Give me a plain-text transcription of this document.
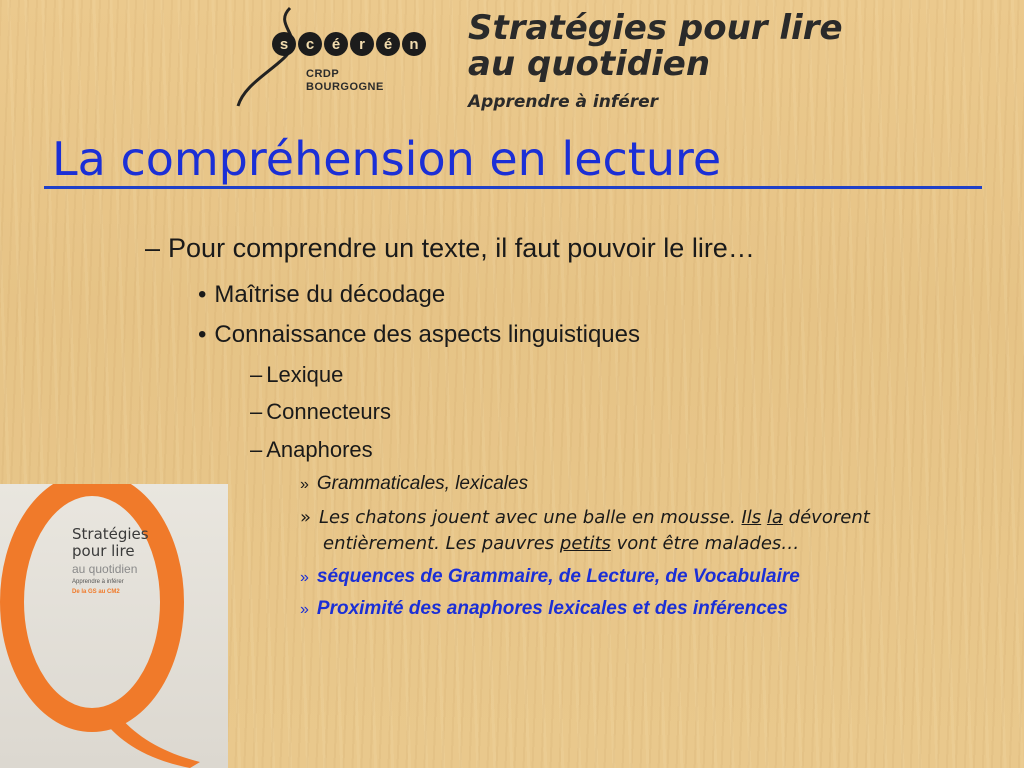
s	c	é	r	é	n
CRDP
BOURGOGNE
Stratégies pour lire
au quotidien
Apprendre à inférer
La compréhension en lecture
– Pour comprendre un texte, il faut pouvoir le lire…
• Maîtrise du décodage
• Connaissance des aspects linguistiques
– Lexique
– Connecteurs
– Anaphores
» Grammaticales, lexicales
» Les chatons jouent avec une balle en mousse. Ils la dévorent
entièrement. Les pauvres petits vont être malades…
» séquences de Grammaire, de Lecture, de Vocabulaire
» Proximité des anaphores lexicales et des inférences
Stratégies
pour lire
au quotidien
Apprendre à inférer
De la GS au CM2
